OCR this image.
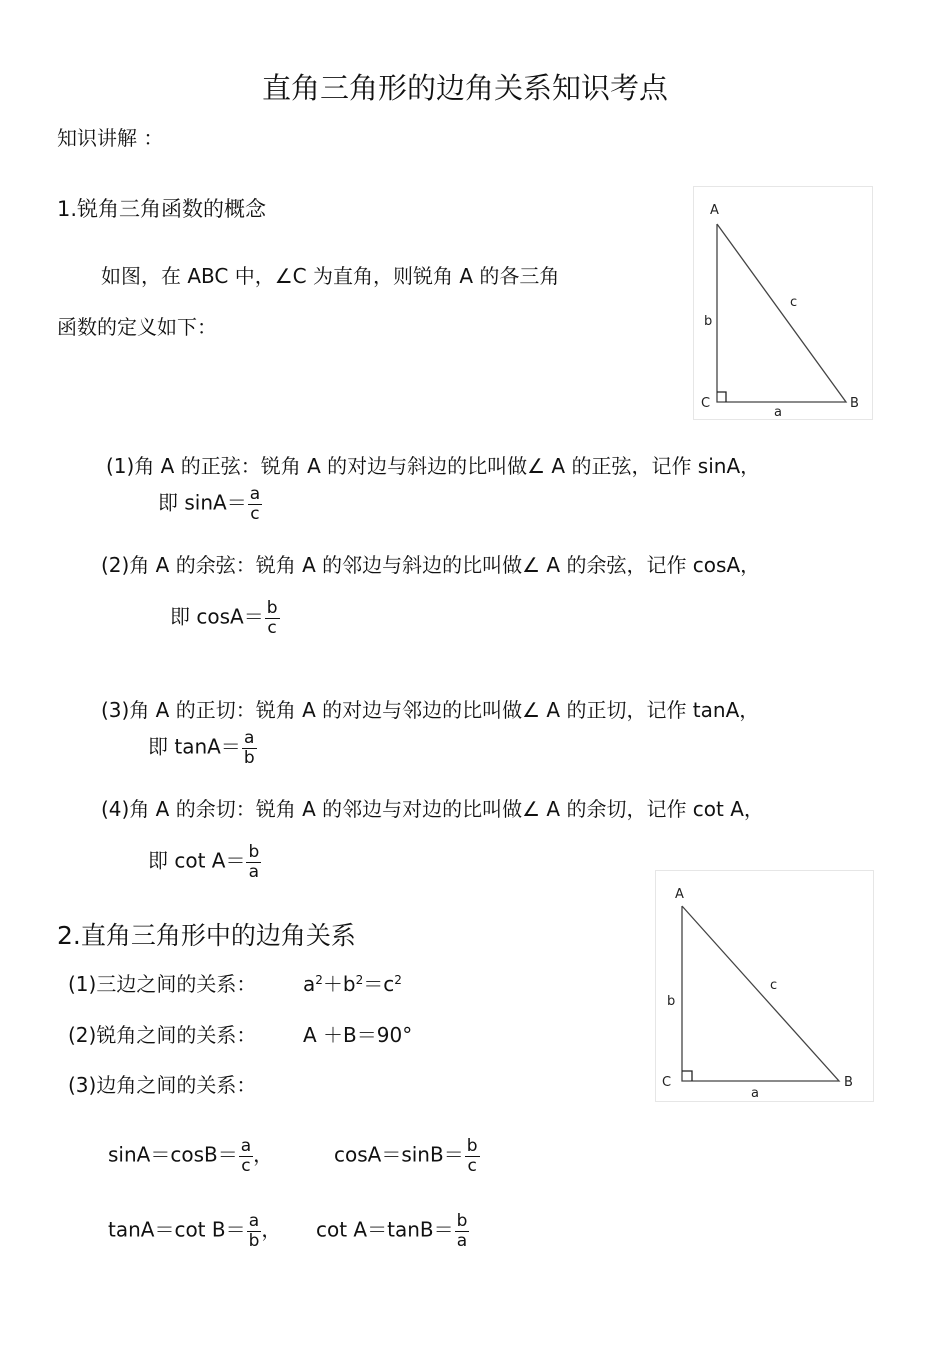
直角三角形的边角关系知识考点
知识讲解 ：
1.锐角三角函数的概念
如图，在 ABC 中，∠C 为直角，则锐角 A 的各三角
函数的定义如下：
A
C	B
b
c
a
(1)角 A 的正弦：锐角 A 的对边与斜边的比叫做∠ A 的正弦，记作 sinA，
即 $\sin A= \frac{a}{c}$
(2)角 A 的余弦：锐角 A 的邻边与斜边的比叫做∠ A 的余弦，记作 cosA，
即 $\cos A= \frac{b}{c}$
(3)角 A 的正切：锐角 A 的对边与邻边的比叫做∠ A 的正切，记作 tanA，
即 $\tan A= \frac{a}{b}$
(4)角 A 的余切：锐角 A 的邻边与对边的比叫做∠ A 的余切，记作 cot A，
即 $\cot A= \frac{b}{a}$
A
C	B
b
c
a
2.直角三角形中的边角关系
(1)三边之间的关系： $a^2+b^2=c^2$
(2)锐角之间的关系： A ＋B＝90°
(3)边角之间的关系：
$\sin A=\cos B= \frac{a}{c}$ ，	$\cos A=\sin B= \frac{b}{c}$
tanA＝cot $B= \frac{a}{b}$ ， $\cot A=\tan B= \frac{b}{a}$
